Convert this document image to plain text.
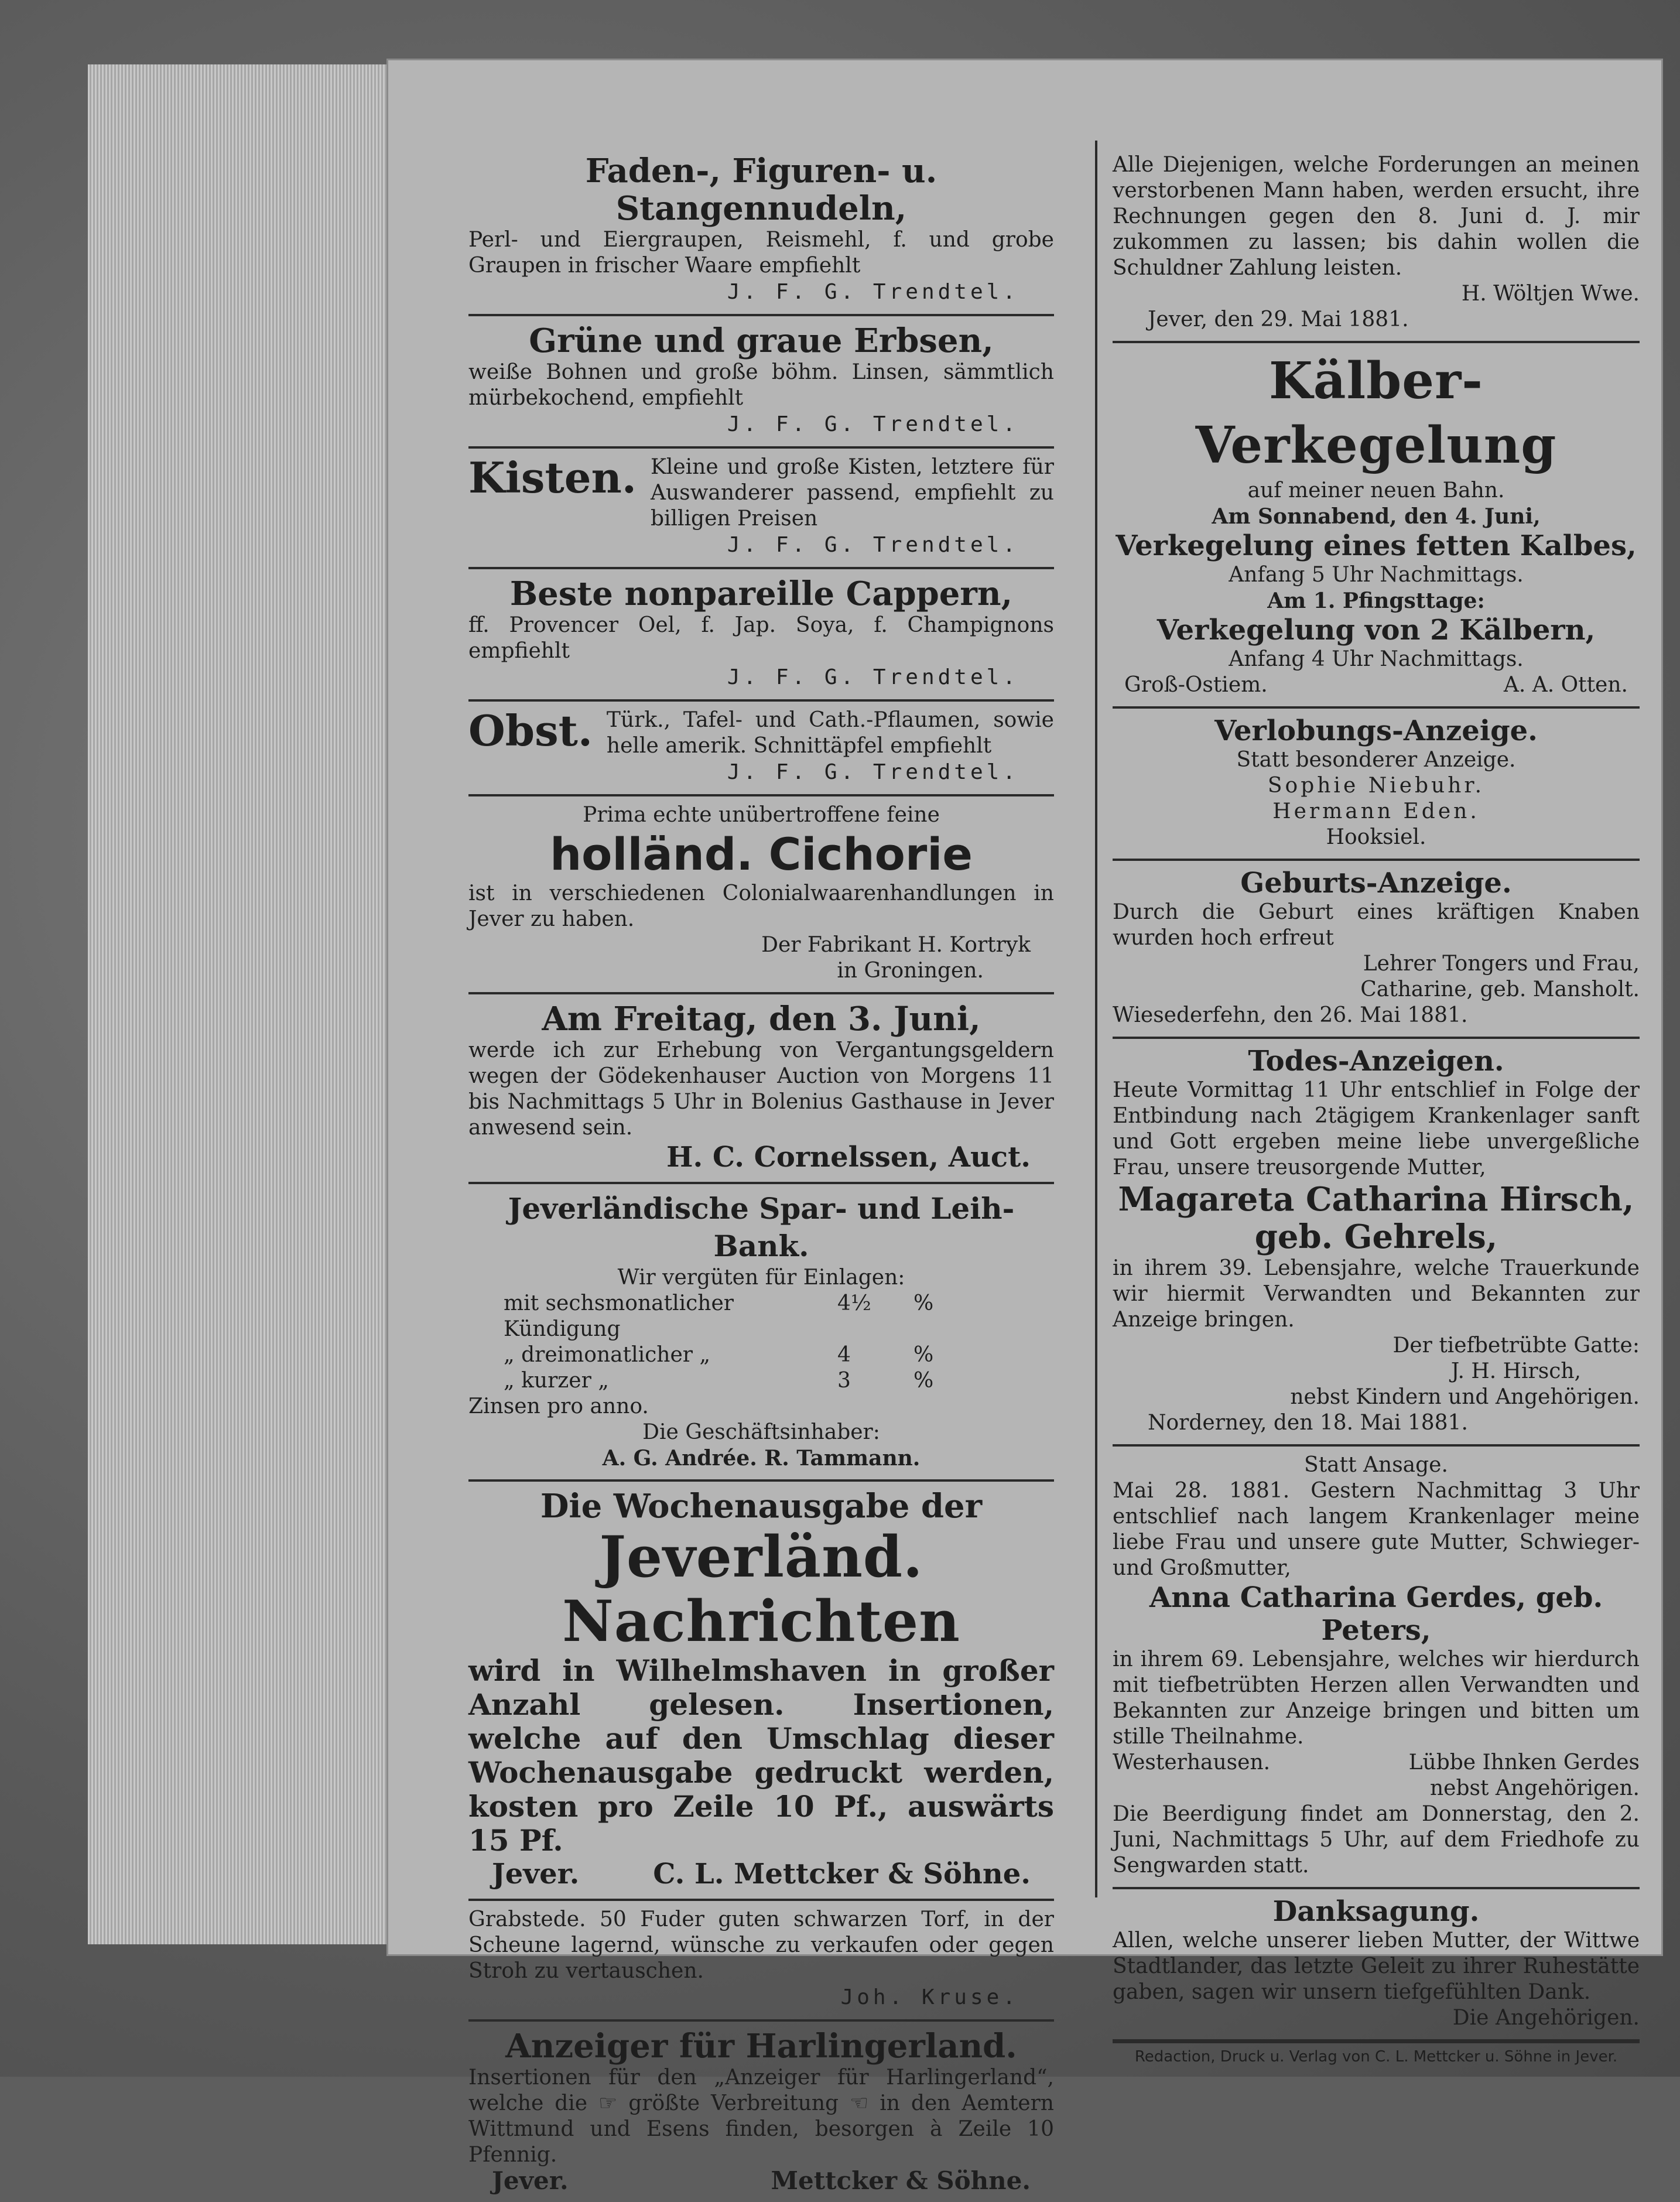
Faden-, Figuren- u. Stangennudeln,
Perl- und Eiergraupen, Reismehl, f. und grobe Graupen in frischer Waare empfiehlt
J. F. G. Trendtel.
Grüne und graue Erbsen,
weiße Bohnen und große böhm. Linsen, sämmtlich mürbekochend, empfiehlt
J. F. G. Trendtel.
Kisten. Kleine und große Kisten, letztere für Auswanderer passend, empfiehlt zu billigen Preisen
J. F. G. Trendtel.
Beste nonpareille Cappern,
ff. Provencer Oel, f. Jap. Soya, f. Champignons empfiehlt
J. F. G. Trendtel.
Obst. Türk., Tafel- und Cath.-Pflaumen, sowie helle amerik. Schnittäpfel empfiehlt
J. F. G. Trendtel.
Prima echte unübertroffene feine
holländ. Cichorie
ist in verschiedenen Colonialwaarenhandlungen in Jever zu haben.
Der Fabrikant H. Kortryk
in Groningen.
Am Freitag, den 3. Juni,
werde ich zur Erhebung von Vergantungsgeldern wegen der Gödekenhauser Auction von Morgens 11 bis Nachmittags 5 Uhr in Bolenius Gasthause in Jever anwesend sein.
H. C. Cornelssen, Auct.
Jeverländische Spar- und Leih-Bank.
Wir vergüten für Einlagen:
mit sechsmonatlicher Kündigung
4½	%
„ dreimonatlicher „	4	%
„ kurzer „	3	%
Zinsen pro anno.
Die Geschäftsinhaber:
A. G. Andrée. R. Tammann.
Die Wochenausgabe der
Jeverländ. Nachrichten
wird in Wilhelmshaven in großer Anzahl gelesen. Insertionen, welche auf den Umschlag dieser Wochenausgabe gedruckt werden, kosten pro Zeile 10 Pf., auswärts 15 Pf.
Jever.	C. L. Mettcker & Söhne.
Grabstede. 50 Fuder guten schwarzen Torf, in der Scheune lagernd, wünsche zu verkaufen oder gegen Stroh zu vertauschen.
Joh. Kruse.
Anzeiger für Harlingerland.
Insertionen für den „Anzeiger für Harlingerland“, welche die ☞ größte Verbreitung ☜ in den Aemtern Wittmund und Esens finden, besorgen à Zeile 10 Pfennig.
Jever.	Mettcker & Söhne.
Alle Diejenigen, welche Forderungen an meinen verstorbenen Mann haben, werden ersucht, ihre Rechnungen gegen den 8. Juni d. J. mir zukommen zu lassen; bis dahin wollen die Schuldner Zahlung leisten.
H. Wöltjen Wwe.
Jever, den 29. Mai 1881.
Kälber-Verkegelung
auf meiner neuen Bahn.
Am Sonnabend, den 4. Juni,
Verkegelung eines fetten Kalbes,
Anfang 5 Uhr Nachmittags.
Am 1. Pfingsttage:
Verkegelung von 2 Kälbern,
Anfang 4 Uhr Nachmittags.
Groß-Ostiem.	A. A. Otten.
Verlobungs-Anzeige.
Statt besonderer Anzeige.
Sophie Niebuhr.
Hermann Eden.
Hooksiel.
Geburts-Anzeige.
Durch die Geburt eines kräftigen Knaben wurden hoch erfreut
Lehrer Tongers und Frau,
Catharine, geb. Mansholt.
Wiesederfehn, den 26. Mai 1881.
Todes-Anzeigen.
Heute Vormittag 11 Uhr entschlief in Folge der Entbindung nach 2tägigem Krankenlager sanft und Gott ergeben meine liebe unvergeßliche Frau, unsere treusorgende Mutter,
Magareta Catharina Hirsch,
geb. Gehrels,
in ihrem 39. Lebensjahre, welche Trauerkunde wir hiermit Verwandten und Bekannten zur Anzeige bringen.
Der tiefbetrübte Gatte:
J. H. Hirsch,
nebst Kindern und Angehörigen.
Norderney, den 18. Mai 1881.
Statt Ansage.
Mai 28. 1881. Gestern Nachmittag 3 Uhr entschlief nach langem Krankenlager meine liebe Frau und unsere gute Mutter, Schwieger- und Großmutter,
Anna Catharina Gerdes, geb. Peters,
in ihrem 69. Lebensjahre, welches wir hierdurch mit tiefbetrübten Herzen allen Verwandten und Bekannten zur Anzeige bringen und bitten um stille Theilnahme.
Westerhausen.	Lübbe Ihnken Gerdes
nebst Angehörigen.
Die Beerdigung findet am Donnerstag, den 2. Juni, Nachmittags 5 Uhr, auf dem Friedhofe zu Sengwarden statt.
Danksagung.
Allen, welche unserer lieben Mutter, der Wittwe Stadtlander, das letzte Geleit zu ihrer Ruhestätte gaben, sagen wir unsern tiefgefühlten Dank.
Die Angehörigen.
Redaction, Druck u. Verlag von C. L. Mettcker u. Söhne in Jever.
